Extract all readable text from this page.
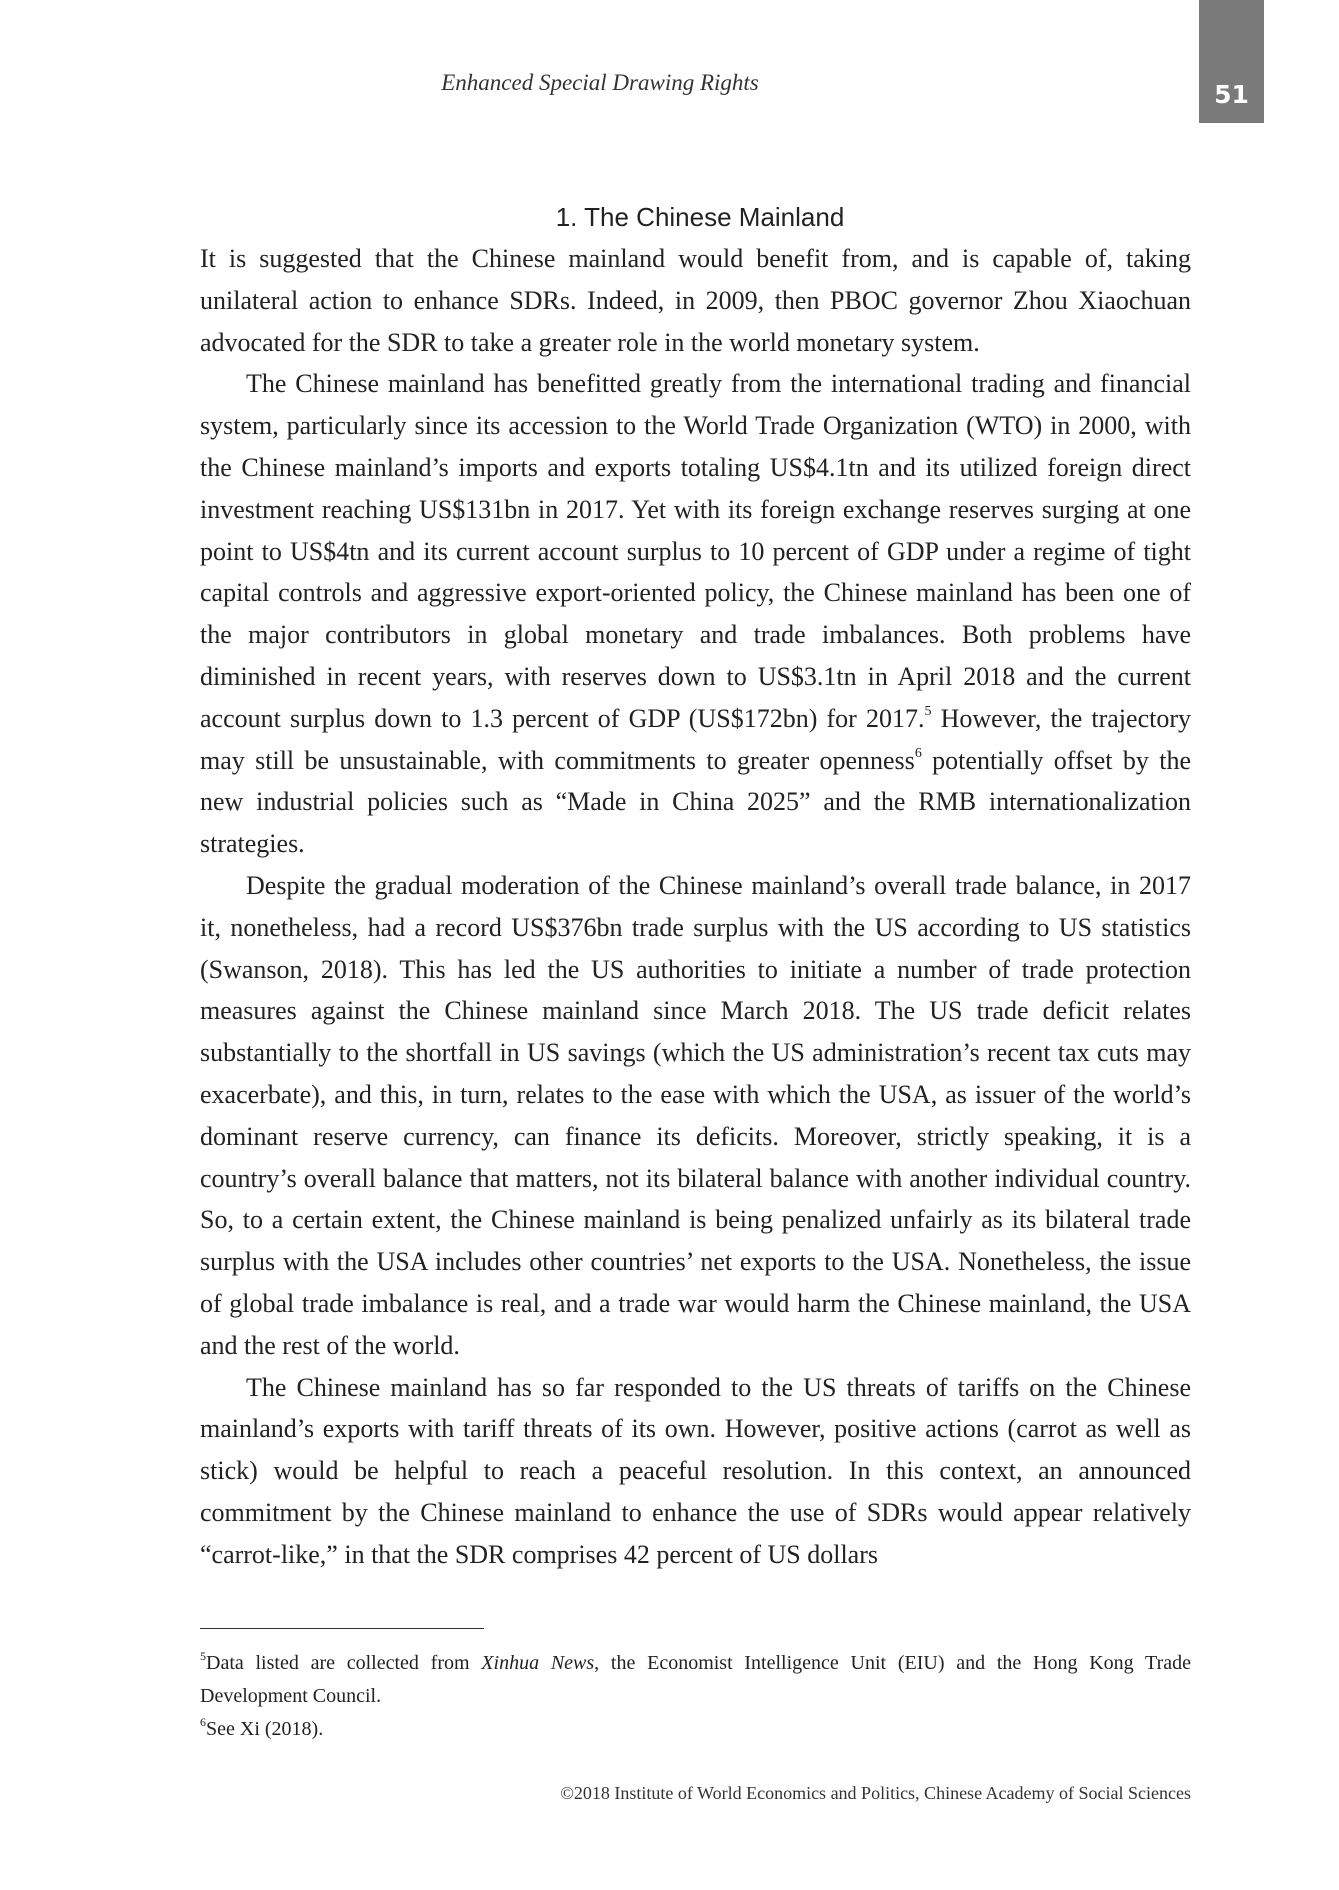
Enhanced Special Drawing Rights	51
1. The Chinese Mainland

It is suggested that the Chinese mainland would benefit from, and is capable of, taking unilateral action to enhance SDRs. Indeed, in 2009, then PBOC governor Zhou Xiaochuan advocated for the SDR to take a greater role in the world monetary system.

The Chinese mainland has benefitted greatly from the international trading and financial system, particularly since its accession to the World Trade Organization (WTO) in 2000, with the Chinese mainland’s imports and exports totaling US$4.1tn and its utilized foreign direct investment reaching US$131bn in 2017. Yet with its foreign exchange reserves surging at one point to US$4tn and its current account surplus to 10 percent of GDP under a regime of tight capital controls and aggressive export-oriented policy, the Chinese mainland has been one of the major contributors in global monetary and trade imbalances. Both problems have diminished in recent years, with reserves down to US$3.1tn in April 2018 and the current account surplus down to 1.3 percent of GDP (US$172bn) for 2017.$^5$ However, the trajectory may still be unsustainable, with commitments to greater openness$^6$ potentially offset by the new industrial policies such as “Made in China 2025” and the RMB internationalization strategies.

Despite the gradual moderation of the Chinese mainland’s overall trade balance, in 2017 it, nonetheless, had a record US$376bn trade surplus with the US according to US statistics (Swanson, 2018). This has led the US authorities to initiate a number of trade protection measures against the Chinese mainland since March 2018. The US trade deficit relates substantially to the shortfall in US savings (which the US administration’s recent tax cuts may exacerbate), and this, in turn, relates to the ease with which the USA, as issuer of the world’s dominant reserve currency, can finance its deficits. Moreover, strictly speaking, it is a country’s overall balance that matters, not its bilateral balance with another individual country. So, to a certain extent, the Chinese mainland is being penalized unfairly as its bilateral trade surplus with the USA includes other countries’ net exports to the USA. Nonetheless, the issue of global trade imbalance is real, and a trade war would harm the Chinese mainland, the USA and the rest of the world.

The Chinese mainland has so far responded to the US threats of tariffs on the Chinese mainland’s exports with tariff threats of its own. However, positive actions (carrot as well as stick) would be helpful to reach a peaceful resolution. In this context, an announced commitment by the Chinese mainland to enhance the use of SDRs would appear relatively “carrot-like,” in that the SDR comprises 42 percent of US dollars

$^5$Data listed are collected from Xinhua News, the Economist Intelligence Unit (EIU) and the Hong Kong Trade Development Council.

$^6$See Xi (2018).

©2018 Institute of World Economics and Politics, Chinese Academy of Social Sciences
